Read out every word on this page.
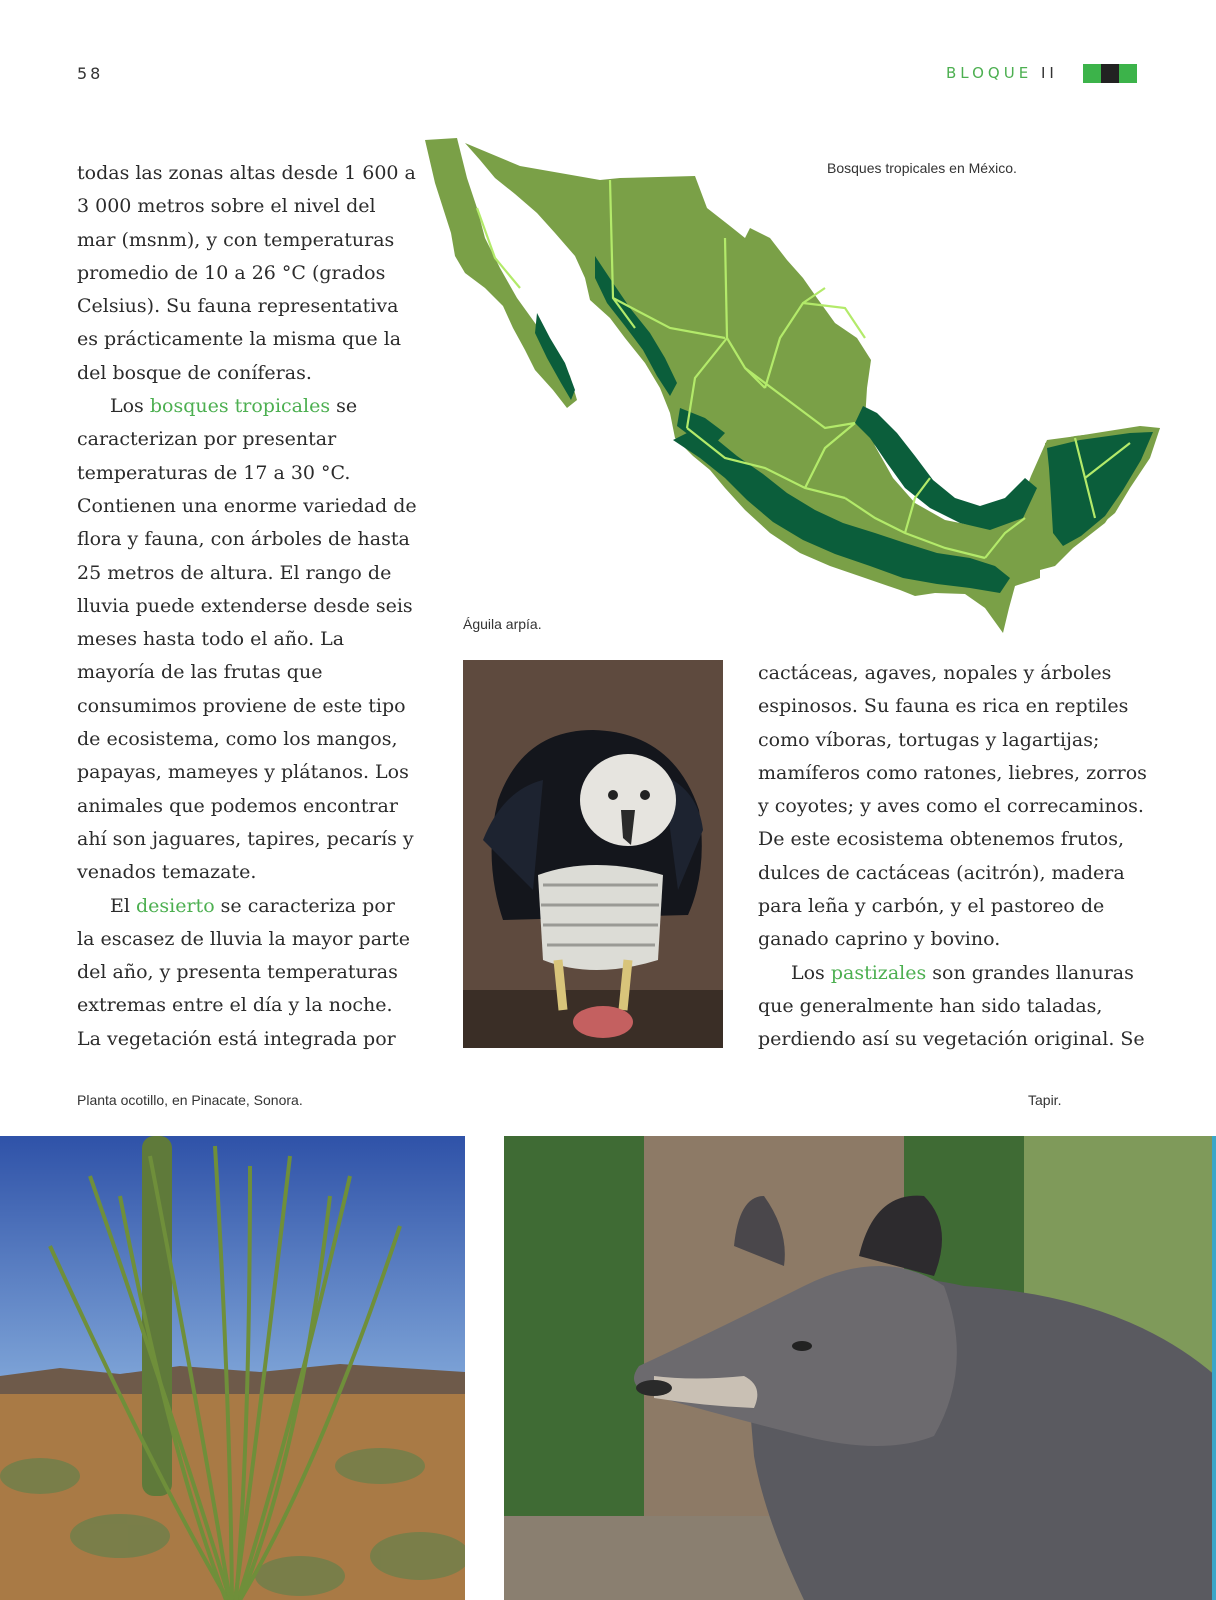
58	BLOQUE II

todas las zonas altas desde 1 600 a 3 000 metros sobre el nivel del mar (msnm), y con temperaturas promedio de 10 a 26 °C (grados Celsius). Su fauna representativa es prácticamente la misma que la del bosque de coníferas.

Los bosques tropicales se caracterizan por presentar temperaturas de 17 a 30 °C. Contienen una enorme variedad de flora y fauna, con árboles de hasta 25 metros de altura. El rango de lluvia puede extenderse desde seis meses hasta todo el año. La mayoría de las frutas que consumimos proviene de este tipo de ecosistema, como los mangos, papayas, mameyes y plátanos. Los animales que podemos encontrar ahí son jaguares, tapires, pecarís y venados temazate.

El desierto se caracteriza por la escasez de lluvia la mayor parte del año, y presenta temperaturas extremas entre el día y la noche. La vegetación está integrada por

Bosques tropicales en México.
Águila arpía.

cactáceas, agaves, nopales y árboles espinosos. Su fauna es rica en reptiles como víboras, tortugas y lagartijas; mamíferos como ratones, liebres, zorros y coyotes; y aves como el correcaminos. De este ecosistema obtenemos frutos, dulces de cactáceas (acitrón), madera para leña y carbón, y el pastoreo de ganado caprino y bovino.

Los pastizales son grandes llanuras que generalmente han sido taladas, perdiendo así su vegetación original. Se

Planta ocotillo, en Pinacate, Sonora.	Tapir.
